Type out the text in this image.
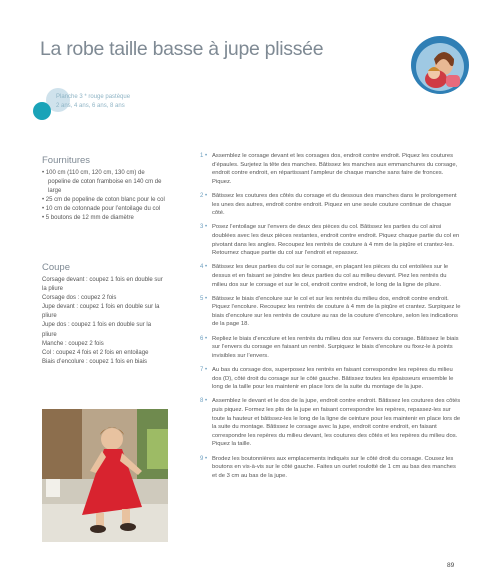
La robe taille basse à jupe plissée
Petite maman
Planche 3 * rouge pastèque
2 ans, 4 ans, 6 ans, 8 ans
Fournitures
• 100 cm (110 cm, 120 cm, 130 cm) de popeline de coton framboise en 140 cm de large
• 25 cm de popeline de coton blanc pour le col
• 10 cm de cotonnade pour l’entoilage du col
• 5 boutons de 12 mm de diamètre
Coupe
Corsage devant : coupez 1 fois en double sur la pliure
Corsage dos : coupez 2 fois
Jupe devant : coupez 1 fois en double sur la pliure
Jupe dos : coupez 1 fois en double sur la pliure
Manche : coupez 2 fois
Col : coupez 4 fois et 2 fois en entoilage
Biais d’encolure : coupez 1 fois en biais
1 • Assemblez le corsage devant et les corsages dos, endroit contre endroit. Piquez les coutures d’épaules. Surjetez la tête des manches. Bâtissez les manches aux emmanchures du corsage, endroit contre endroit, en répartissant l’ampleur de chaque manche sans faire de fronces. Piquez.
2 • Bâtissez les coutures des côtés du corsage et du dessous des manches dans le prolongement les unes des autres, endroit contre endroit. Piquez en une seule couture continue de chaque côté.
3 • Posez l’entoilage sur l’envers de deux des pièces du col. Bâtissez les parties du col ainsi doublées avec les deux pièces restantes, endroit contre endroit. Piquez chaque partie du col en pivotant dans les angles. Recoupez les rentrés de couture à 4 mm de la piqûre et crantez-les. Retournez chaque partie du col sur l’endroit et repassez.
4 • Bâtissez les deux parties du col sur le corsage, en plaçant les pièces du col entoilées sur le dessus et en faisant se joindre les deux parties du col au milieu devant. Piez les rentrés du milieu dos sur le corsage et sur le col, endroit contre endroit, le long de la ligne de pliure.
5 • Bâtissez le biais d’encolure sur le col et sur les rentrés du milieu dos, endroit contre endroit. Piquez l’encolure. Recoupez les rentrés de couture à 4 mm de la piqûre et crantez. Surpiquez le biais d’encolure sur les rentrés de couture au ras de la couture d’encolure, selon les indications de la page 18.
6 • Repliez le biais d’encolure et les rentrés du milieu dos sur l’envers du corsage. Bâtissez le biais sur l’envers du corsage en faisant un rentré. Surpiquez le biais d’encolure ou fixez-le à points invisibles sur l’envers.
7 • Au bas du corsage dos, superposez les rentrés en faisant correspondre les repères du milieu dos (D), côté droit du corsage sur le côté gauche. Bâtissez toutes les épaisseurs ensemble le long de la taille pour les maintenir en place lors de la suite du montage de la jupe.
8 • Assemblez le devant et le dos de la jupe, endroit contre endroit. Bâtissez les coutures des côtés puis piquez. Formez les plis de la jupe en faisant correspondre les repères, repassez-les sur toute la hauteur et bâtissez-les le long de la ligne de ceinture pour les maintenir en place lors de la suite du montage. Bâtissez le corsage avec la jupe, endroit contre endroit, en faisant correspondre les repères du milieu devant, les coutures des côtés et les repères du milieu dos. Piquez la taille.
9 • Brodez les boutonnières aux emplacements indiqués sur le côté droit du corsage. Cousez les boutons en vis-à-vis sur le côté gauche. Faites un ourlet roulotté de 1 cm au bas des manches et de 3 cm au bas de la jupe.
89
